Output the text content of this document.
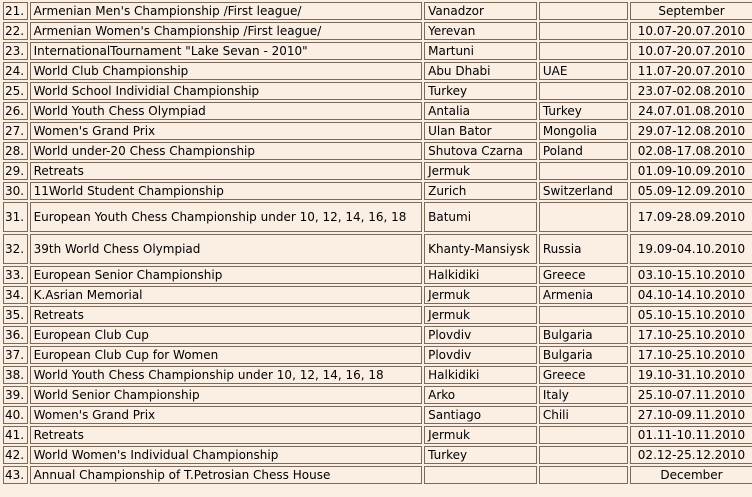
21.	Armenian Men's Championship /First league/	Vanadzor		September
22.	Armenian Women's Championship /First league/	Yerevan		10.07-20.07.2010
23.	InternationalTournament "Lake Sevan - 2010"	Martuni		10.07-20.07.2010
24.	World Club Championship	Abu Dhabi	UAE	11.07-20.07.2010
25.	World School Individial Championship	Turkey		23.07-02.08.2010
26.	World Youth Chess Olympiad	Antalia	Turkey	24.07.01.08.2010
27.	Women's Grand Prix	Ulan Bator	Mongolia	29.07-12.08.2010
28.	World under-20 Chess Championship	Shutova Czarna	Poland	02.08-17.08.2010
29.	Retreats	Jermuk		01.09-10.09.2010
30.	11World Student Championship	Zurich	Switzerland	05.09-12.09.2010
31.	European Youth Chess Championship under 10, 12, 14, 16, 18	Batumi		17.09-28.09.2010
32.	39th World Chess Olympiad	Khanty-Mansiysk	Russia	19.09-04.10.2010
33.	European Senior Championship	Halkidiki	Greece	03.10-15.10.2010
34.	K.Asrian Memorial	Jermuk	Armenia	04.10-14.10.2010
35.	Retreats	Jermuk		05.10-15.10.2010
36.	European Club Cup	Plovdiv	Bulgaria	17.10-25.10.2010
37.	European Club Cup for Women	Plovdiv	Bulgaria	17.10-25.10.2010
38.	World Youth Chess Championship under 10, 12, 14, 16, 18	Halkidiki	Greece	19.10-31.10.2010
39.	World Senior Championship	Arko	Italy	25.10-07.11.2010
40.	Women's Grand Prix	Santiago	Chili	27.10-09.11.2010
41.	Retreats	Jermuk		01.11-10.11.2010
42.	World Women's Individual Championship	Turkey		02.12-25.12.2010
43.	Annual Championship of T.Petrosian Chess House			December
